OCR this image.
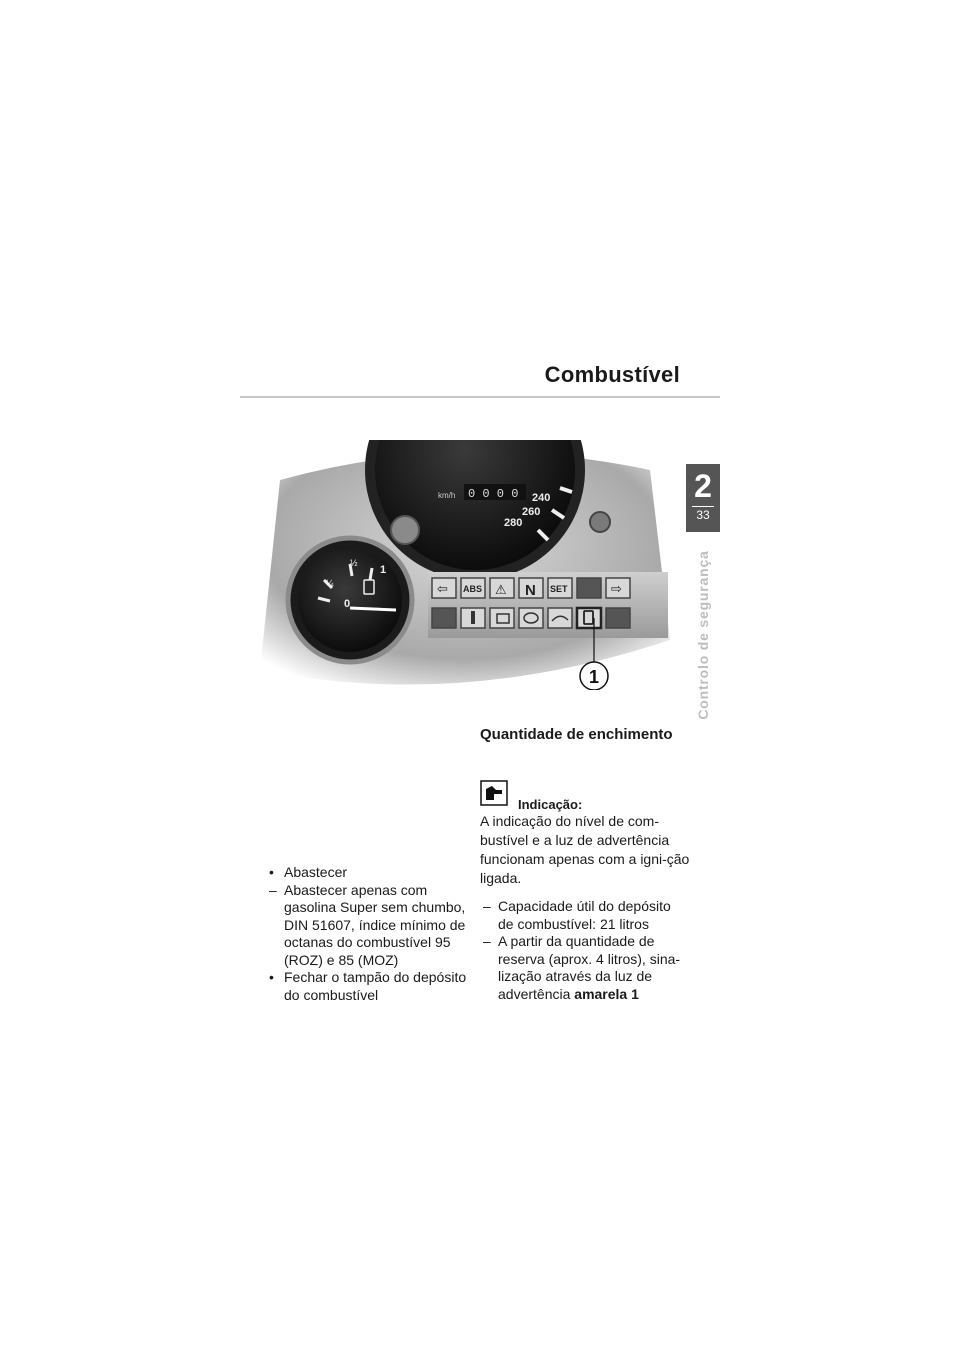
Combustível
2
33
Controlo de segurança
240
260
280
km/h 0 0 0 0
0
1
¼
½
⇦ ABS ⚠ N SET	⇨
1
Quantidade de enchimento
Indicação:
A indicação do nível de com-bustível e a luz de advertência funcionam apenas com a igni-ção ligada.
– Capacidade útil do depósito de combustível: 21 litros
– A partir da quantidade de reserva (aprox. 4 litros), sina-lização através da luz de advertência amarela 1
• Abastecer
– Abastecer apenas com gasolina Super sem chumbo, DIN 51607, índice mínimo de octanas do combustível 95 (ROZ) e 85 (MOZ)
• Fechar o tampão do depósito do combustível
